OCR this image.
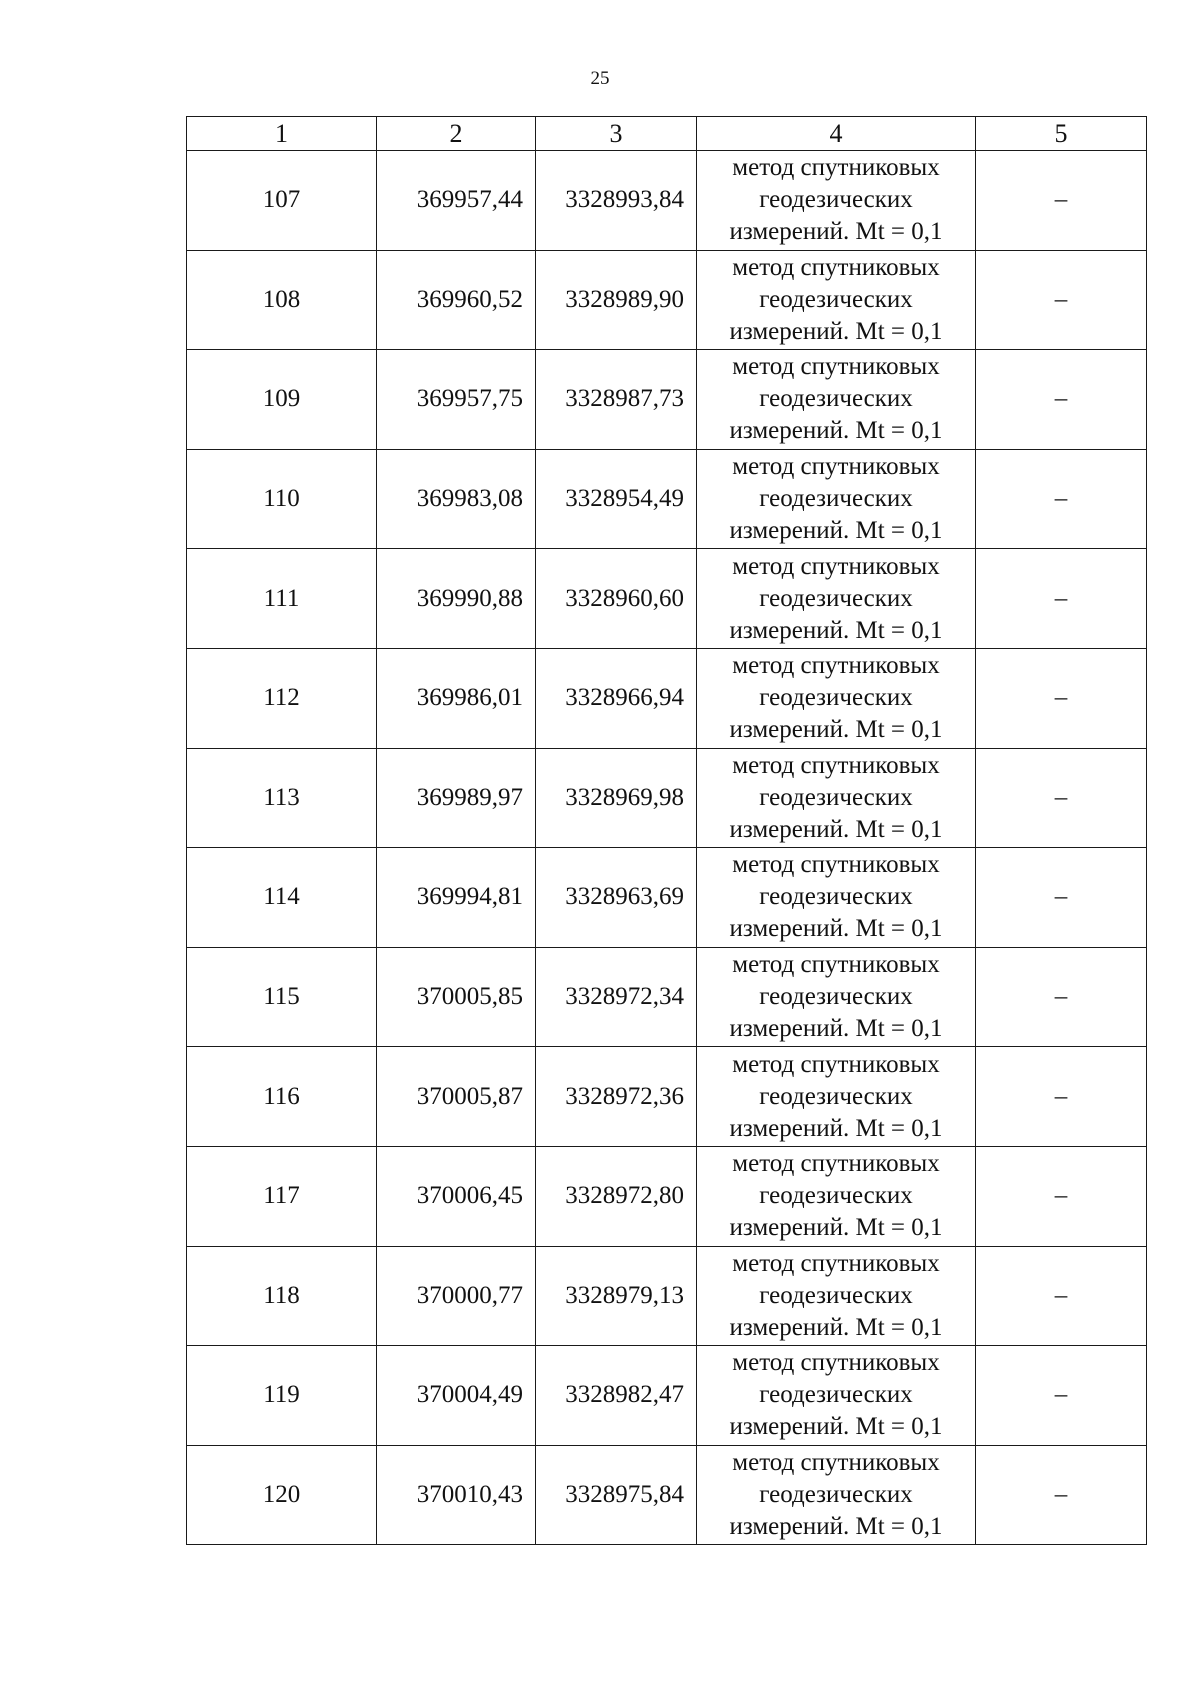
25
1	2	3	4	5
107	369957,44	3328993,84	метод спутниковых
геодезических
измерений. Mt = 0,1	–
108	369960,52	3328989,90	метод спутниковых
геодезических
измерений. Mt = 0,1	–
109	369957,75	3328987,73	метод спутниковых
геодезических
измерений. Mt = 0,1	–
110	369983,08	3328954,49	метод спутниковых
геодезических
измерений. Mt = 0,1	–
111	369990,88	3328960,60	метод спутниковых
геодезических
измерений. Mt = 0,1	–
112	369986,01	3328966,94	метод спутниковых
геодезических
измерений. Mt = 0,1	–
113	369989,97	3328969,98	метод спутниковых
геодезических
измерений. Mt = 0,1	–
114	369994,81	3328963,69	метод спутниковых
геодезических
измерений. Mt = 0,1	–
115	370005,85	3328972,34	метод спутниковых
геодезических
измерений. Mt = 0,1	–
116	370005,87	3328972,36	метод спутниковых
геодезических
измерений. Mt = 0,1	–
117	370006,45	3328972,80	метод спутниковых
геодезических
измерений. Mt = 0,1	–
118	370000,77	3328979,13	метод спутниковых
геодезических
измерений. Mt = 0,1	–
119	370004,49	3328982,47	метод спутниковых
геодезических
измерений. Mt = 0,1	–
120	370010,43	3328975,84	метод спутниковых
геодезических
измерений. Mt = 0,1	–
